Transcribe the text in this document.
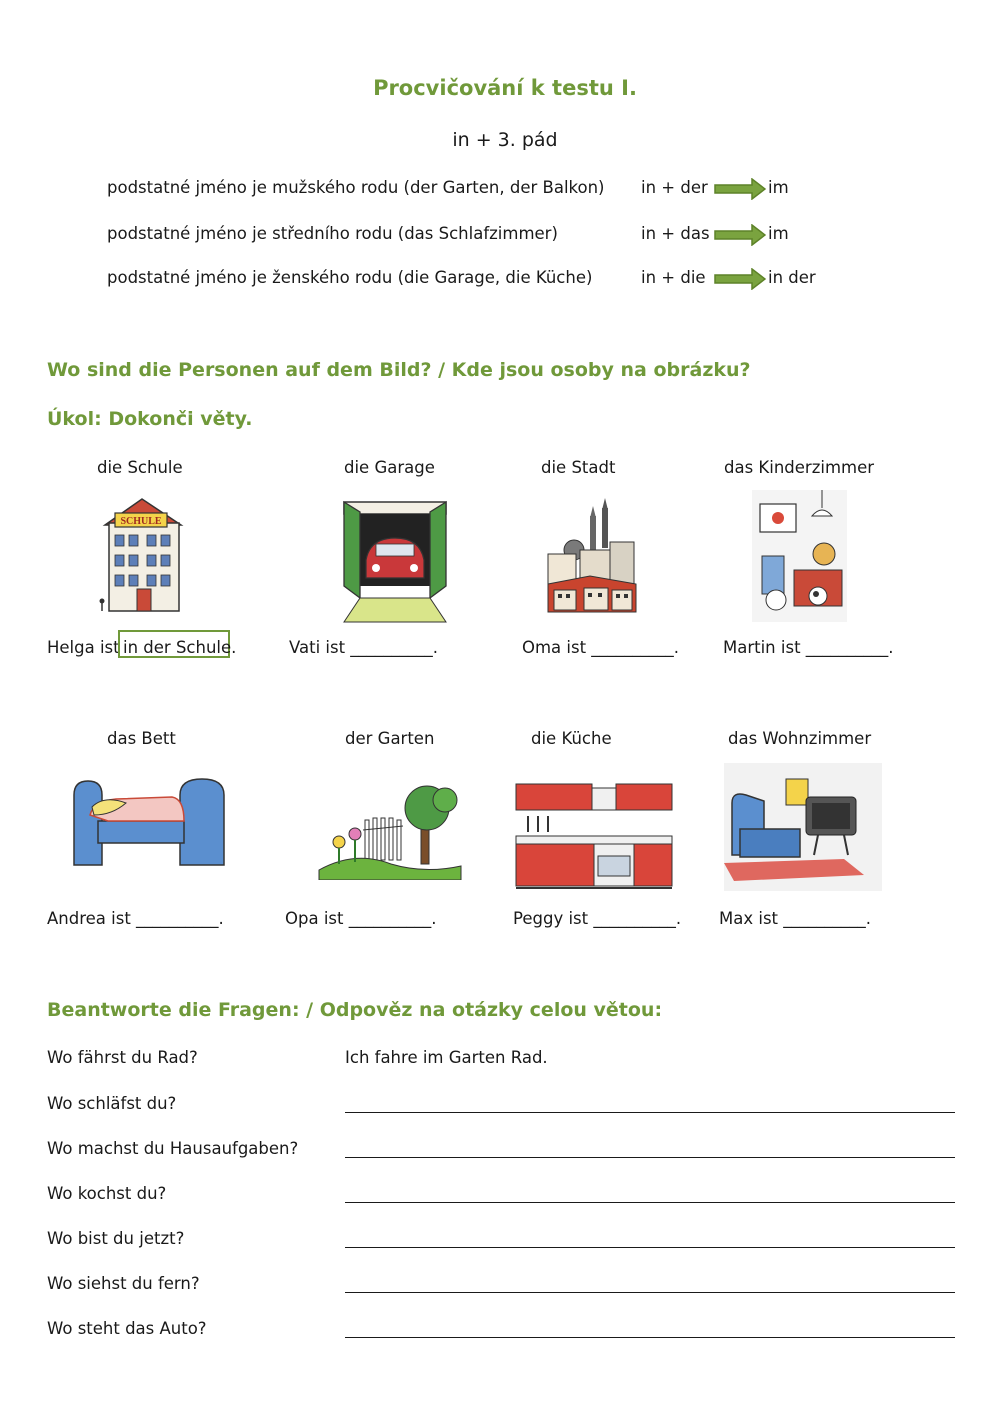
Procvičování k testu I.
in + 3. pád
podstatné jméno je mužského rodu (der Garten, der Balkon) in + der	im
podstatné jméno je středního rodu (das Schlafzimmer)	in + das	im
podstatné jméno je ženského rodu (die Garage, die Küche)	in + die	in der
Wo sind die Personen auf dem Bild? / Kde jsou osoby na obrázku?
Úkol: Dokonči věty.
die Schule	die Garage	die Stadt	das Kinderzimmer
SCHULE
Helga ist in der Schule.	Vati ist __________.	Oma ist __________.	Martin ist __________.
das Bett	der Garten	die Küche	das Wohnzimmer
Andrea ist __________.	Opa ist __________.	Peggy ist __________. Max ist __________.
Beantworte die Fragen: / Odpověz na otázky celou větou:
Wo fährst du Rad?	Ich fahre im Garten Rad.
Wo schläfst du?
Wo machst du Hausaufgaben?
Wo kochst du?
Wo bist du jetzt?
Wo siehst du fern?
Wo steht das Auto?
